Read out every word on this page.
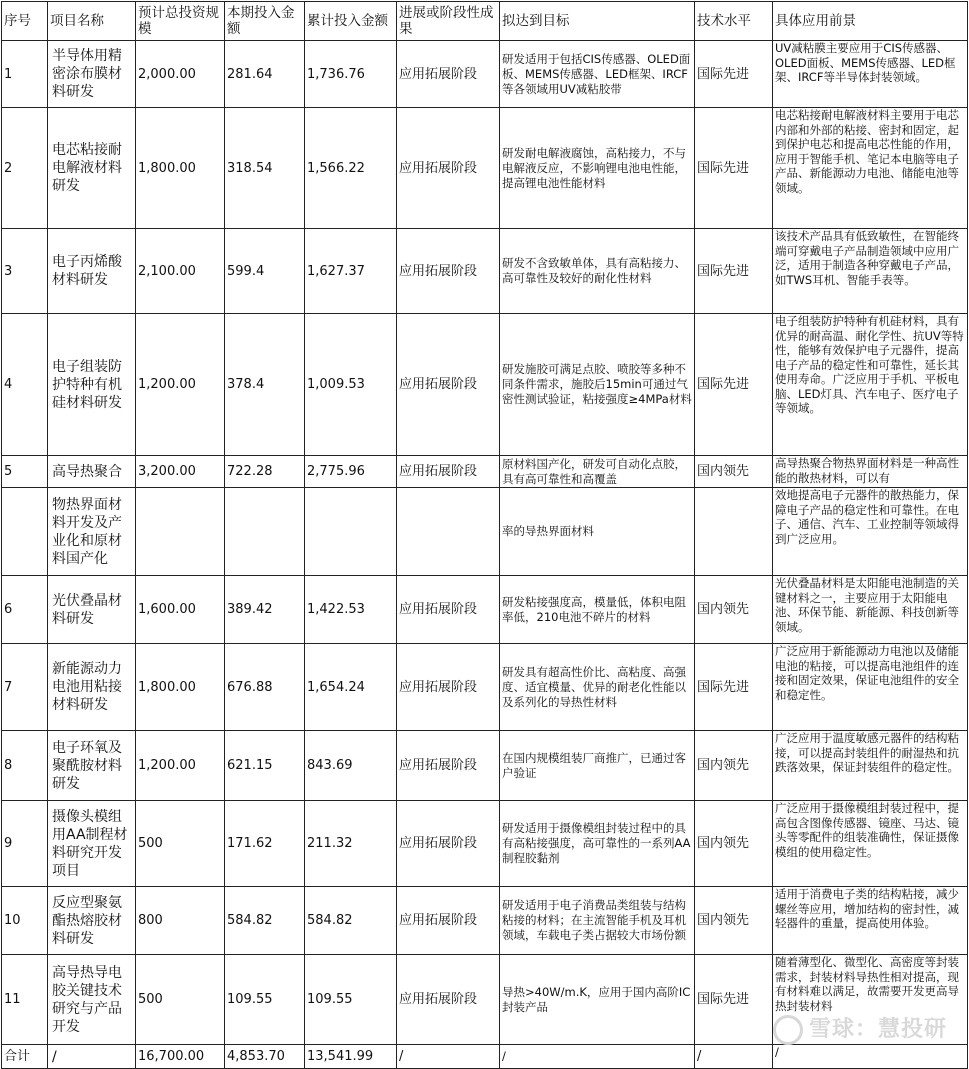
序号	项目名称	预计总投资规模	本期投入金额	累计投入金额	进展或阶段性成果	拟达到目标	技术水平	具体应用前景
1	半导体用精密涂布膜材料研发	2,000.00	281.64	1,736.76	应用拓展阶段	研发适用于包括CIS传感器、OLED面板、MEMS传感器、LED框架、IRCF等各领域用UV减粘胶带	国际先进	UV减粘膜主要应用于CIS传感器、OLED面板、MEMS传感器、LED框架、IRCF等半导体封装领域。
2	电芯粘接耐电解液材料研发	1,800.00	318.54	1,566.22	应用拓展阶段	研发耐电解液腐蚀，高粘接力，不与电解液反应，不影响锂电池电性能，提高锂电池性能材料	国际先进	电芯粘接耐电解液材料主要用于电芯内部和外部的粘接、密封和固定，起到保护电芯和提高电芯性能的作用，应用于智能手机、笔记本电脑等电子产品、新能源动力电池、储能电池等领域。
3	电子丙烯酸材料研发	2,100.00	599.4	1,627.37	应用拓展阶段	研发不含致敏单体，具有高粘接力、高可靠性及较好的耐化性材料	国际先进	该技术产品具有低致敏性，在智能终端可穿戴电子产品制造领域中应用广泛，适用于制造各种穿戴电子产品，如TWS耳机、智能手表等。
4	电子组装防护特种有机硅材料研发	1,200.00	378.4	1,009.53	应用拓展阶段	研发施胶可满足点胶、喷胶等多种不同条件需求，施胶后15min可通过气密性测试验证，粘接强度≥4MPa材料	国际先进	电子组装防护特种有机硅材料，具有优异的耐高温、耐化学性、抗UV等特性，能够有效保护电子元器件，提高电子产品的稳定性和可靠性，延长其使用寿命。广泛应用于手机、平板电脑、LED灯具、汽车电子、医疗电子等领域。
5	高导热聚合	3,200.00	722.28	2,775.96	应用拓展阶段	原材料国产化，研发可自动化点胶，具有高可靠性和高覆盖	国内领先	高导热聚合物热界面材料是一种高性能的散热材料，可以有
	物热界面材料开发及产业化和原材料国产化					率的导热界面材料		效地提高电子元器件的散热能力，保障电子产品的稳定性和可靠性。在电子、通信、汽车、工业控制等领域得到广泛应用。
6	光伏叠晶材料研发	1,600.00	389.42	1,422.53	应用拓展阶段	研发粘接强度高，模量低，体积电阻率低，210电池不碎片的材料	国内领先	光伏叠晶材料是太阳能电池制造的关键材料之一，主要应用于太阳能电池、环保节能、新能源、科技创新等领域。
7	新能源动力电池用粘接材料研发	1,800.00	676.88	1,654.24	应用拓展阶段	研发具有超高性价比、高粘度、高强度、适宜模量、优异的耐老化性能以及系列化的导热性材料	国际先进	广泛应用于新能源动力电池以及储能电池的粘接，可以提高电池组件的连接和固定效果，保证电池组件的安全和稳定性。
8	电子环氧及聚酰胺材料研发	1,200.00	621.15	843.69	应用拓展阶段	在国内规模组装厂商推广，已通过客户验证	国内领先	广泛应用于温度敏感元器件的结构粘接，可以提高封装组件的耐湿热和抗跌落效果，保证封装组件的稳定性。
9	摄像头模组用AA制程材料研究开发项目	500	171.62	211.32	应用拓展阶段	研发适用于摄像模组封装过程中的具有高粘接强度，高可靠性的一系列AA制程胶黏剂	国内领先	广泛应用于摄像模组封装过程中，提高包含图像传感器、镜座、马达、镜头等零配件的组装准确性，保证摄像模组的使用稳定性。
10	反应型聚氨酯热熔胶材料研发	800	584.82	584.82	应用拓展阶段	研发适用于电子消费品类组装与结构粘接的材料；在主流智能手机及耳机领域，车载电子类占据较大市场份额	国内领先	适用于消费电子类的结构粘接，减少螺丝等应用，增加结构的密封性，减轻器件的重量，提高使用体验。
11	高导热导电胶关键技术研究与产品开发	500	109.55	109.55	应用拓展阶段	导热>40W/m.K，应用于国内高阶IC封装产品	国际先进	随着薄型化、微型化、高密度等封装需求，封装材料导热性相对提高，现有材料难以满足，故需要开发更高导热封装材料
合计	/	16,700.00	4,853.70	13,541.99	/	/	/	/
雪球：慧投研
